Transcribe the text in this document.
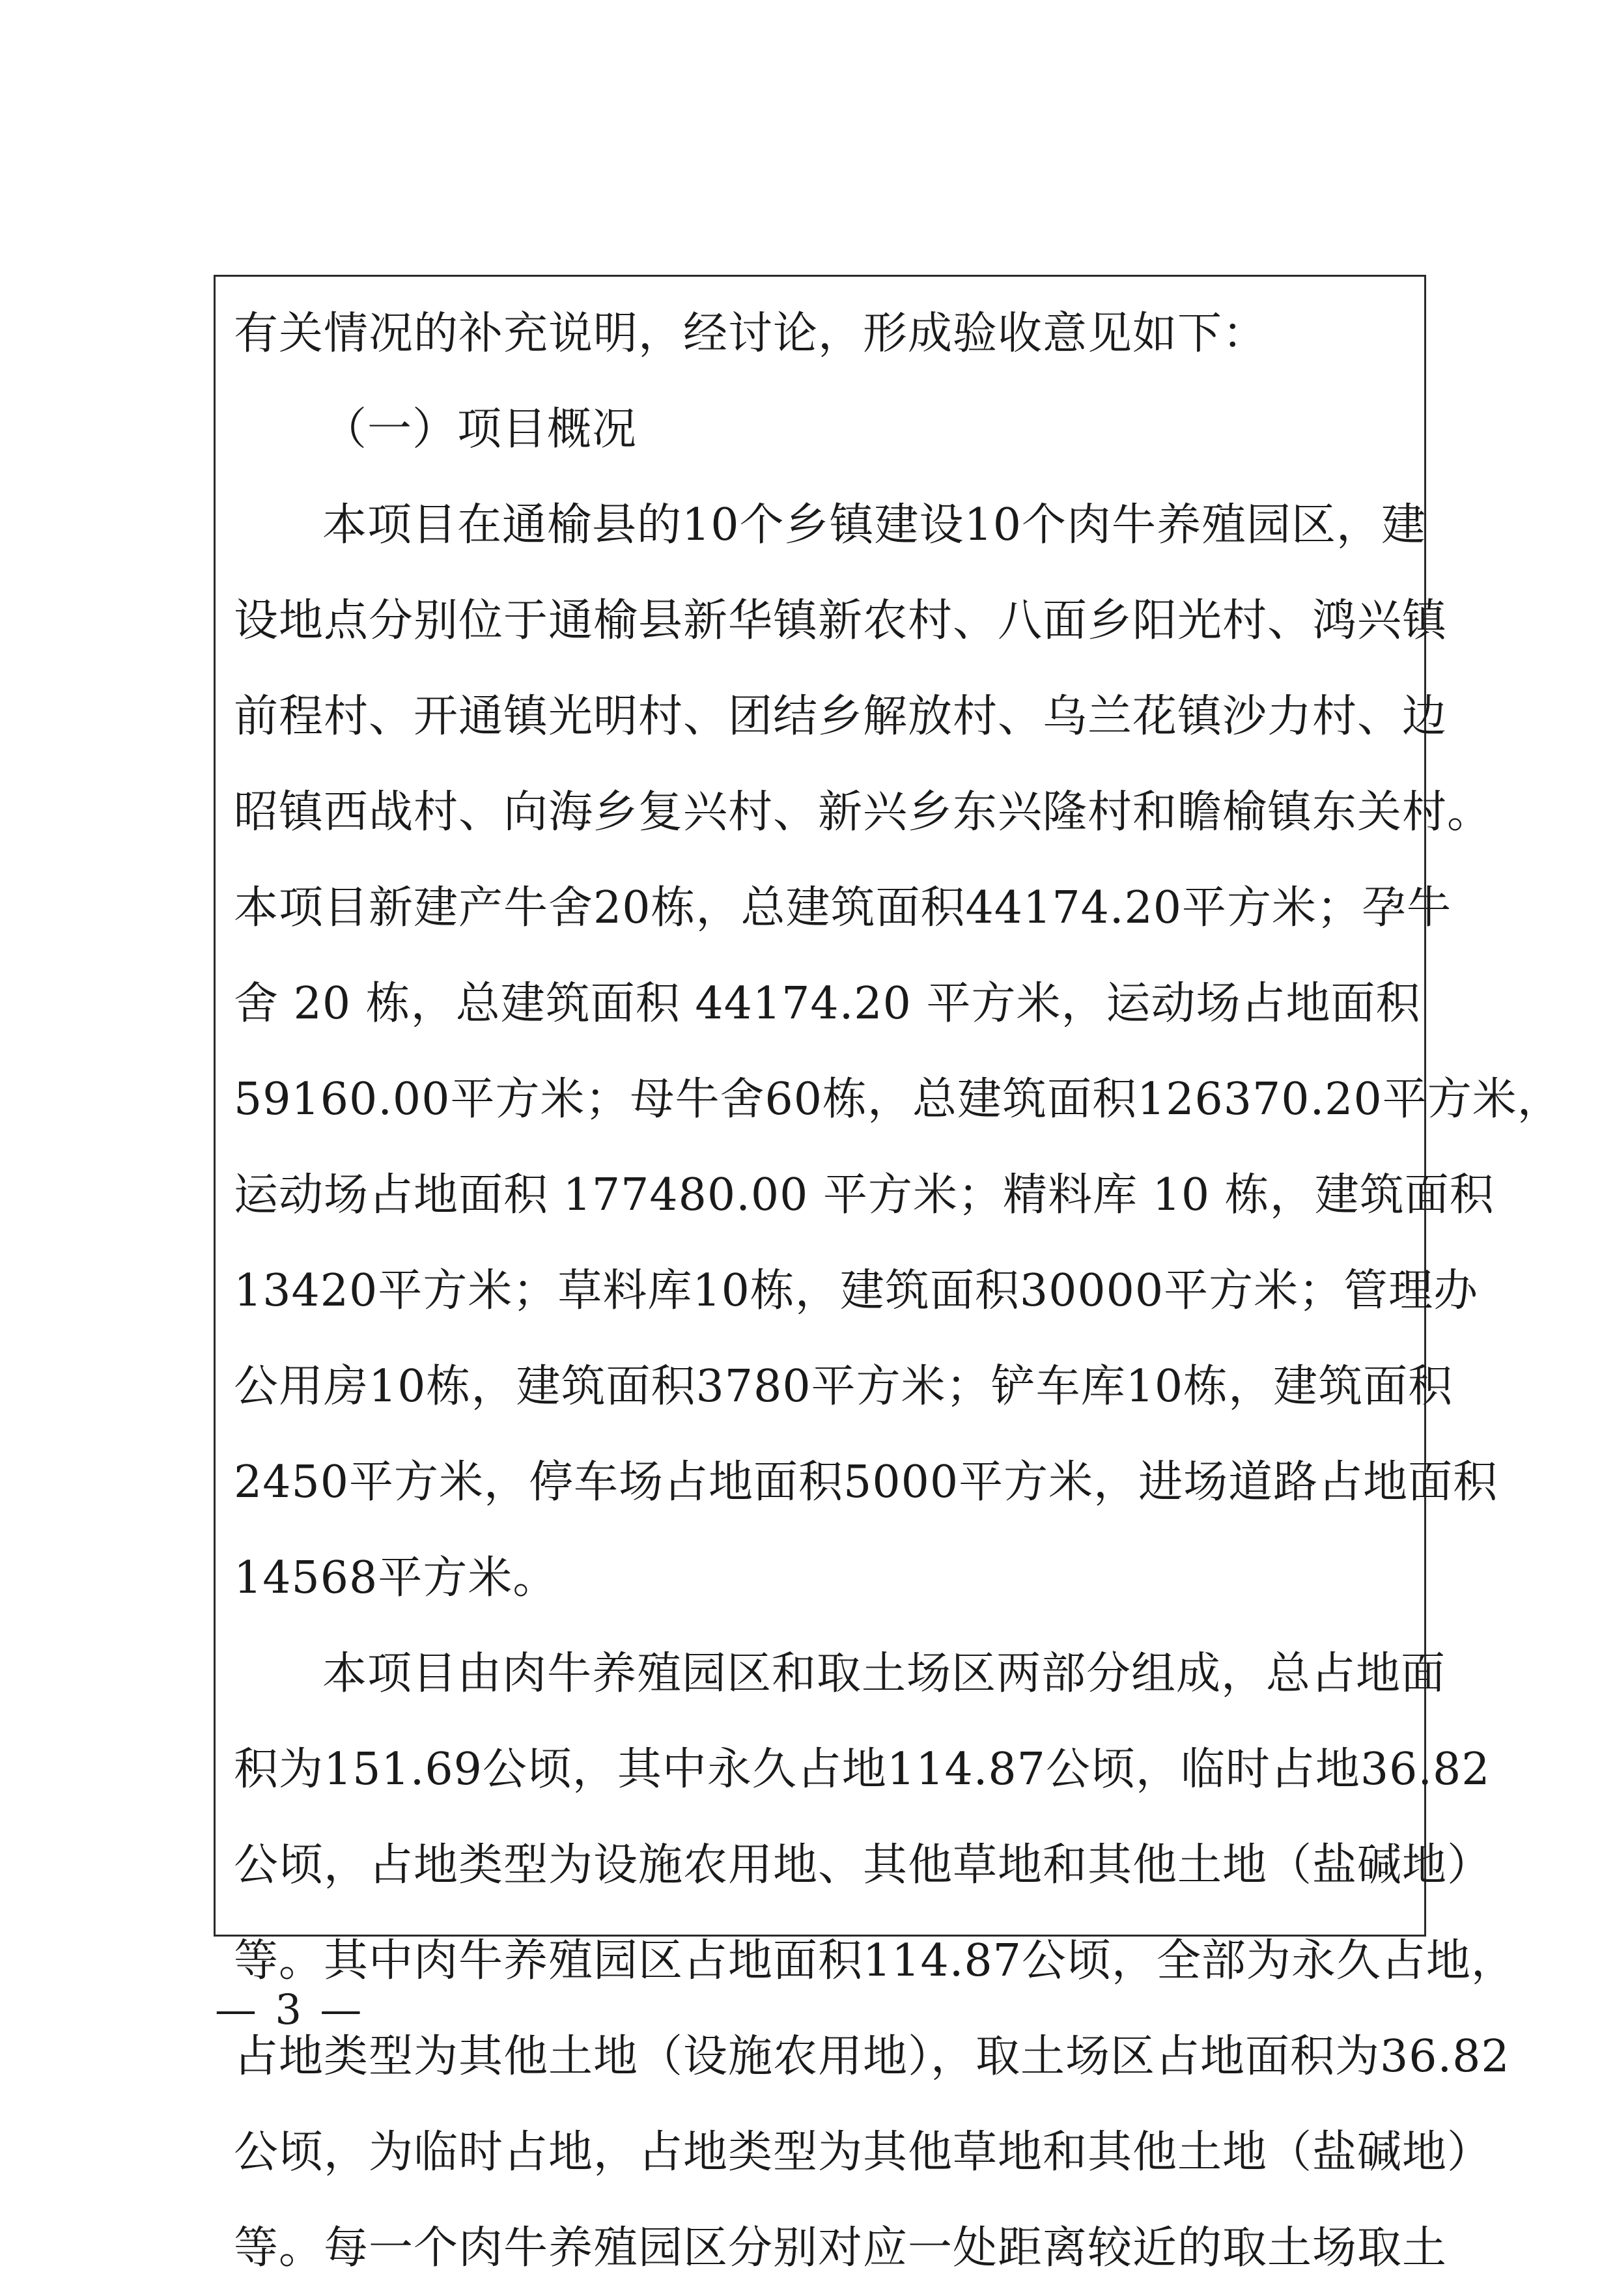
有关情况的补充说明，经讨论，形成验收意见如下：
（一）项目概况
本项目在通榆县的10个乡镇建设10个肉牛养殖园区，建
设地点分别位于通榆县新华镇新农村、八面乡阳光村、鸿兴镇
前程村、开通镇光明村、团结乡解放村、乌兰花镇沙力村、边
昭镇西战村、向海乡复兴村、新兴乡东兴隆村和瞻榆镇东关村。
本项目新建产牛舍20栋，总建筑面积44174.20平方米；孕牛
舍 20 栋，总建筑面积 44174.20 平方米，运动场占地面积
59160.00平方米；母牛舍60栋，总建筑面积126370.20平方米，
运动场占地面积 177480.00 平方米；精料库 10 栋，建筑面积
13420平方米；草料库10栋，建筑面积30000平方米；管理办
公用房10栋，建筑面积3780平方米；铲车库10栋，建筑面积
2450平方米，停车场占地面积5000平方米，进场道路占地面积
14568平方米。
本项目由肉牛养殖园区和取土场区两部分组成，总占地面
积为151.69公顷，其中永久占地114.87公顷，临时占地36.82
公顷，占地类型为设施农用地、其他草地和其他土地（盐碱地）
等。其中肉牛养殖园区占地面积114.87公顷，全部为永久占地，
占地类型为其他土地（设施农用地），取土场区占地面积为36.82
公顷，为临时占地，占地类型为其他草地和其他土地（盐碱地）
等。每一个肉牛养殖园区分别对应一处距离较近的取土场取土
— 3 —
